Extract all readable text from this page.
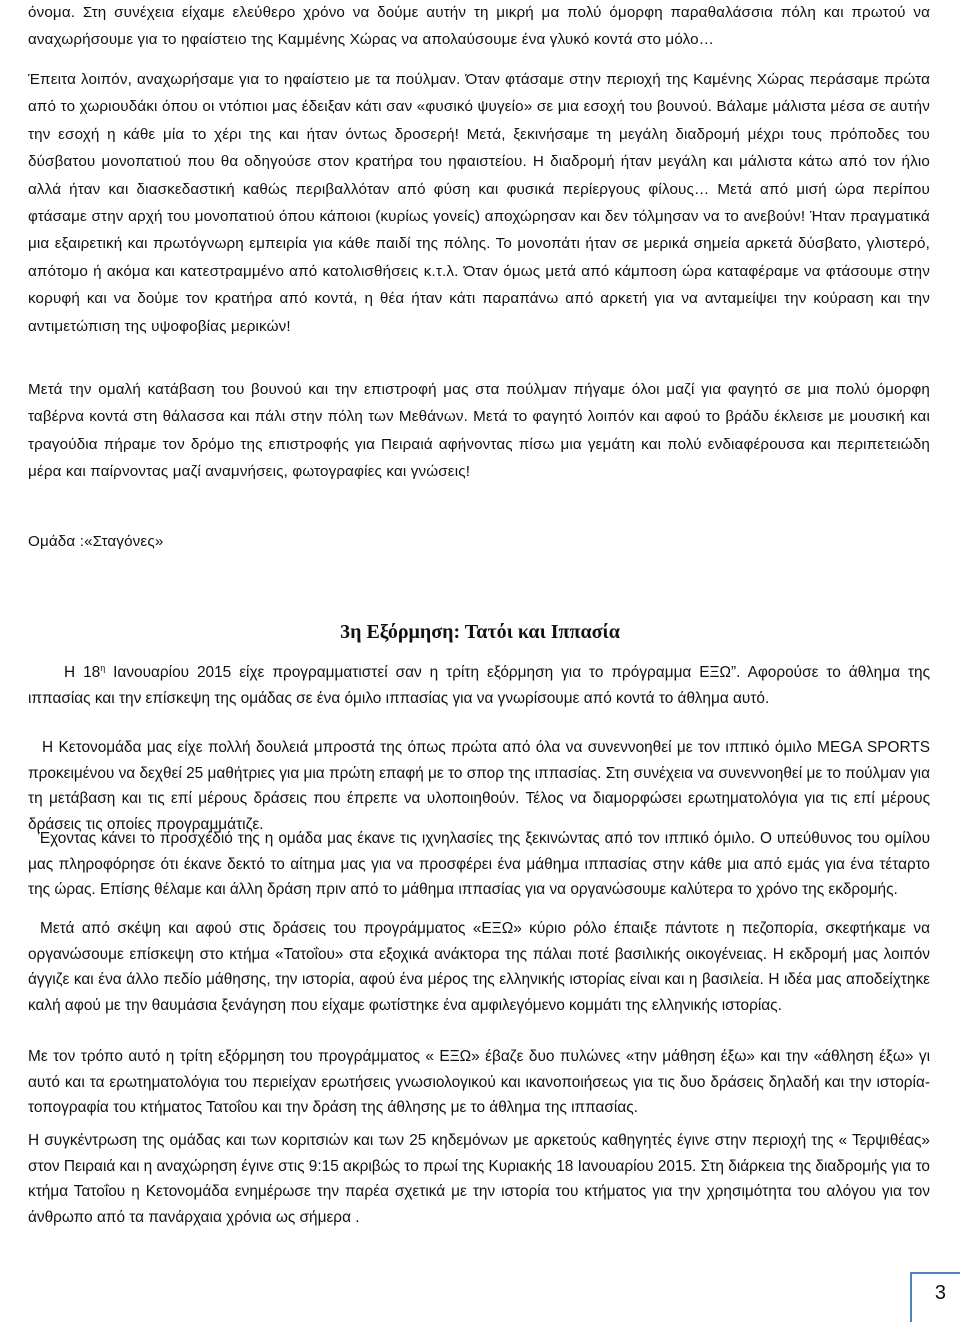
όνομα. Στη συνέχεια είχαμε ελεύθερο χρόνο να δούμε αυτήν τη μικρή μα πολύ όμορφη παραθαλάσσια πόλη και πρωτού να αναχωρήσουμε για το ηφαίστειο της Καμμένης Χώρας να απολαύσουμε ένα γλυκό κοντά στο μόλο…
Έπειτα λοιπόν, αναχωρήσαμε για το ηφαίστειο με τα πούλμαν. Όταν φτάσαμε στην περιοχή της Καμένης Χώρας περάσαμε πρώτα από το χωριουδάκι όπου οι ντόπιοι μας έδειξαν κάτι σαν «φυσικό ψυγείο» σε μια εσοχή του βουνού. Βάλαμε μάλιστα μέσα σε αυτήν την εσοχή η κάθε μία το χέρι της και ήταν όντως δροσερή! Μετά, ξεκινήσαμε τη μεγάλη διαδρομή μέχρι τους πρόποδες του δύσβατου μονοπατιού που θα οδηγούσε στον κρατήρα του ηφαιστείου. Η διαδρομή ήταν μεγάλη και μάλιστα κάτω από τον ήλιο αλλά ήταν και διασκεδαστική καθώς περιβαλλόταν από φύση και φυσικά περίεργους φίλους… Μετά από μισή ώρα περίπου φτάσαμε στην αρχή του μονοπατιού όπου κάποιοι (κυρίως γονείς) αποχώρησαν και δεν τόλμησαν να το ανεβούν! Ήταν πραγματικά μια εξαιρετική και πρωτόγνωρη εμπειρία για κάθε παιδί της πόλης. Το μονοπάτι ήταν σε μερικά σημεία αρκετά δύσβατο, γλιστερό, απότομο ή ακόμα και κατεστραμμένο από κατολισθήσεις κ.τ.λ. Όταν όμως μετά από κάμποση ώρα καταφέραμε να φτάσουμε στην κορυφή και να δούμε τον κρατήρα από κοντά, η θέα ήταν κάτι παραπάνω από αρκετή για να ανταμείψει την κούραση και την αντιμετώπιση της υψοφοβίας μερικών!
Μετά την ομαλή κατάβαση του βουνού και την επιστροφή μας στα πούλμαν πήγαμε όλοι μαζί για φαγητό σε μια πολύ όμορφη ταβέρνα κοντά στη θάλασσα και πάλι στην πόλη των Μεθάνων. Μετά το φαγητό λοιπόν και αφού το βράδυ έκλεισε με μουσική και τραγούδια πήραμε τον δρόμο της επιστροφής για Πειραιά αφήνοντας πίσω μια γεμάτη και πολύ ενδιαφέρουσα και περιπετειώδη μέρα και παίρνοντας μαζί αναμνήσεις, φωτογραφίες και γνώσεις!
Ομάδα :«Σταγόνες»
3η Εξόρμηση: Τατόι και Ιππασία
Η $18^\eta$ Ιανουαρίου 2015 είχε προγραμματιστεί σαν η τρίτη εξόρμηση για το πρόγραμμα ΕΞΩ”. Αφορούσε το άθλημα της ιππασίας και την επίσκεψη της ομάδας σε ένα όμιλο ιππασίας για να γνωρίσουμε από κοντά το άθλημα αυτό.
Η Κετονομάδα μας είχε πολλή δουλειά μπροστά της όπως πρώτα από όλα να συνεννοηθεί με τον ιππικό όμιλο MEGA SPORTS προκειμένου να δεχθεί 25 μαθήτριες για μια πρώτη επαφή με το σπορ της ιππασίας. Στη συνέχεια να συνεννοηθεί με το πούλμαν για τη μετάβαση και τις επί μέρους δράσεις που έπρεπε να υλοποιηθούν. Τέλος να διαμορφώσει ερωτηματολόγια για τις επί μέρους δράσεις τις οποίες προγραμμάτιζε.
Έχοντας κάνει το προσχέδιό της η ομάδα μας έκανε τις ιχνηλασίες της ξεκινώντας από τον ιππικό όμιλο. Ο υπεύθυνος του ομίλου μας πληροφόρησε ότι έκανε δεκτό το αίτημα μας για να προσφέρει ένα μάθημα ιππασίας στην κάθε μια από εμάς για ένα τέταρτο της ώρας. Επίσης θέλαμε και άλλη δράση πριν από το μάθημα ιππασίας για να οργανώσουμε καλύτερα το χρόνο της εκδρομής.
Μετά από σκέψη και αφού στις δράσεις του προγράμματος «ΕΞΩ» κύριο ρόλο έπαιξε πάντοτε η πεζοπορία, σκεφτήκαμε να οργανώσουμε επίσκεψη στο κτήμα «Τατοΐου» στα εξοχικά ανάκτορα της πάλαι ποτέ βασιλικής οικογένειας. Η εκδρομή μας λοιπόν άγγιζε και ένα άλλο πεδίο μάθησης, την ιστορία, αφού ένα μέρος της ελληνικής ιστορίας είναι και η βασιλεία. Η ιδέα μας αποδείχτηκε καλή αφού με την θαυμάσια ξενάγηση που είχαμε φωτίστηκε ένα αμφιλεγόμενο κομμάτι της ελληνικής ιστορίας.
Με τον τρόπο αυτό η τρίτη εξόρμηση του προγράμματος « ΕΞΩ» έβαζε δυο πυλώνες «την μάθηση έξω» και την «άθληση έξω» γι αυτό και τα ερωτηματολόγια του περιείχαν ερωτήσεις γνωσιολογικού και ικανοποιήσεως για τις δυο δράσεις δηλαδή και την ιστορία- τοπογραφία του κτήματος Τατοΐου και την δράση της άθλησης με το άθλημα της ιππασίας.
Η συγκέντρωση της ομάδας και των κοριτσιών και των 25 κηδεμόνων με αρκετούς καθηγητές έγινε στην περιοχή της « Τερψιθέας» στον Πειραιά και η αναχώρηση έγινε στις 9:15 ακριβώς το πρωί της Κυριακής 18 Ιανουαρίου 2015. Στη διάρκεια της διαδρομής για το κτήμα Τατοΐου η Κετονομάδα ενημέρωσε την παρέα σχετικά με την ιστορία του κτήματος για την χρησιμότητα του αλόγου για τον άνθρωπο από τα πανάρχαια χρόνια ως σήμερα .
3
